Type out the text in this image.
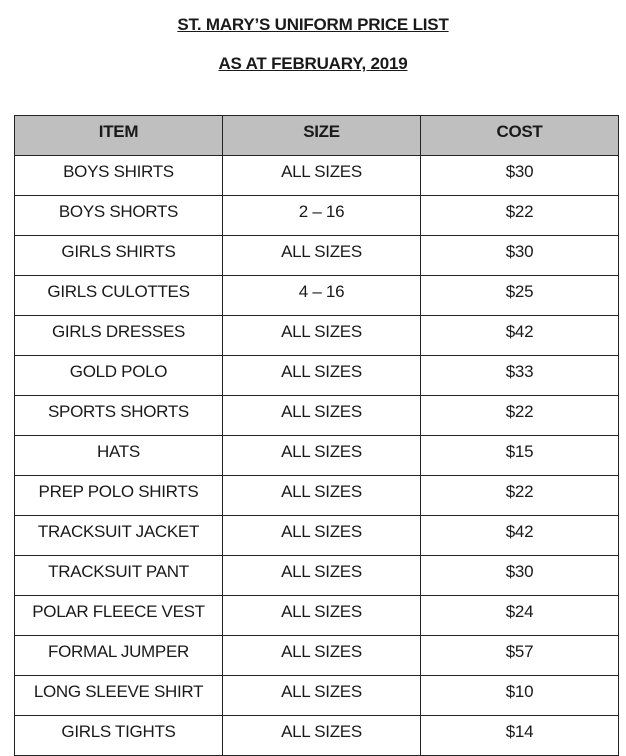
ST. MARY’S UNIFORM PRICE LIST
AS AT FEBRUARY, 2019
ITEM	SIZE	COST
BOYS SHIRTS	ALL SIZES	$30
BOYS SHORTS	2 – 16	$22
GIRLS SHIRTS	ALL SIZES	$30
GIRLS CULOTTES	4 – 16	$25
GIRLS DRESSES	ALL SIZES	$42
GOLD POLO	ALL SIZES	$33
SPORTS SHORTS	ALL SIZES	$22
HATS	ALL SIZES	$15
PREP POLO SHIRTS	ALL SIZES	$22
TRACKSUIT JACKET	ALL SIZES	$42
TRACKSUIT PANT	ALL SIZES	$30
POLAR FLEECE VEST	ALL SIZES	$24
FORMAL JUMPER	ALL SIZES	$57
LONG SLEEVE SHIRT	ALL SIZES	$10
GIRLS TIGHTS	ALL SIZES	$14
